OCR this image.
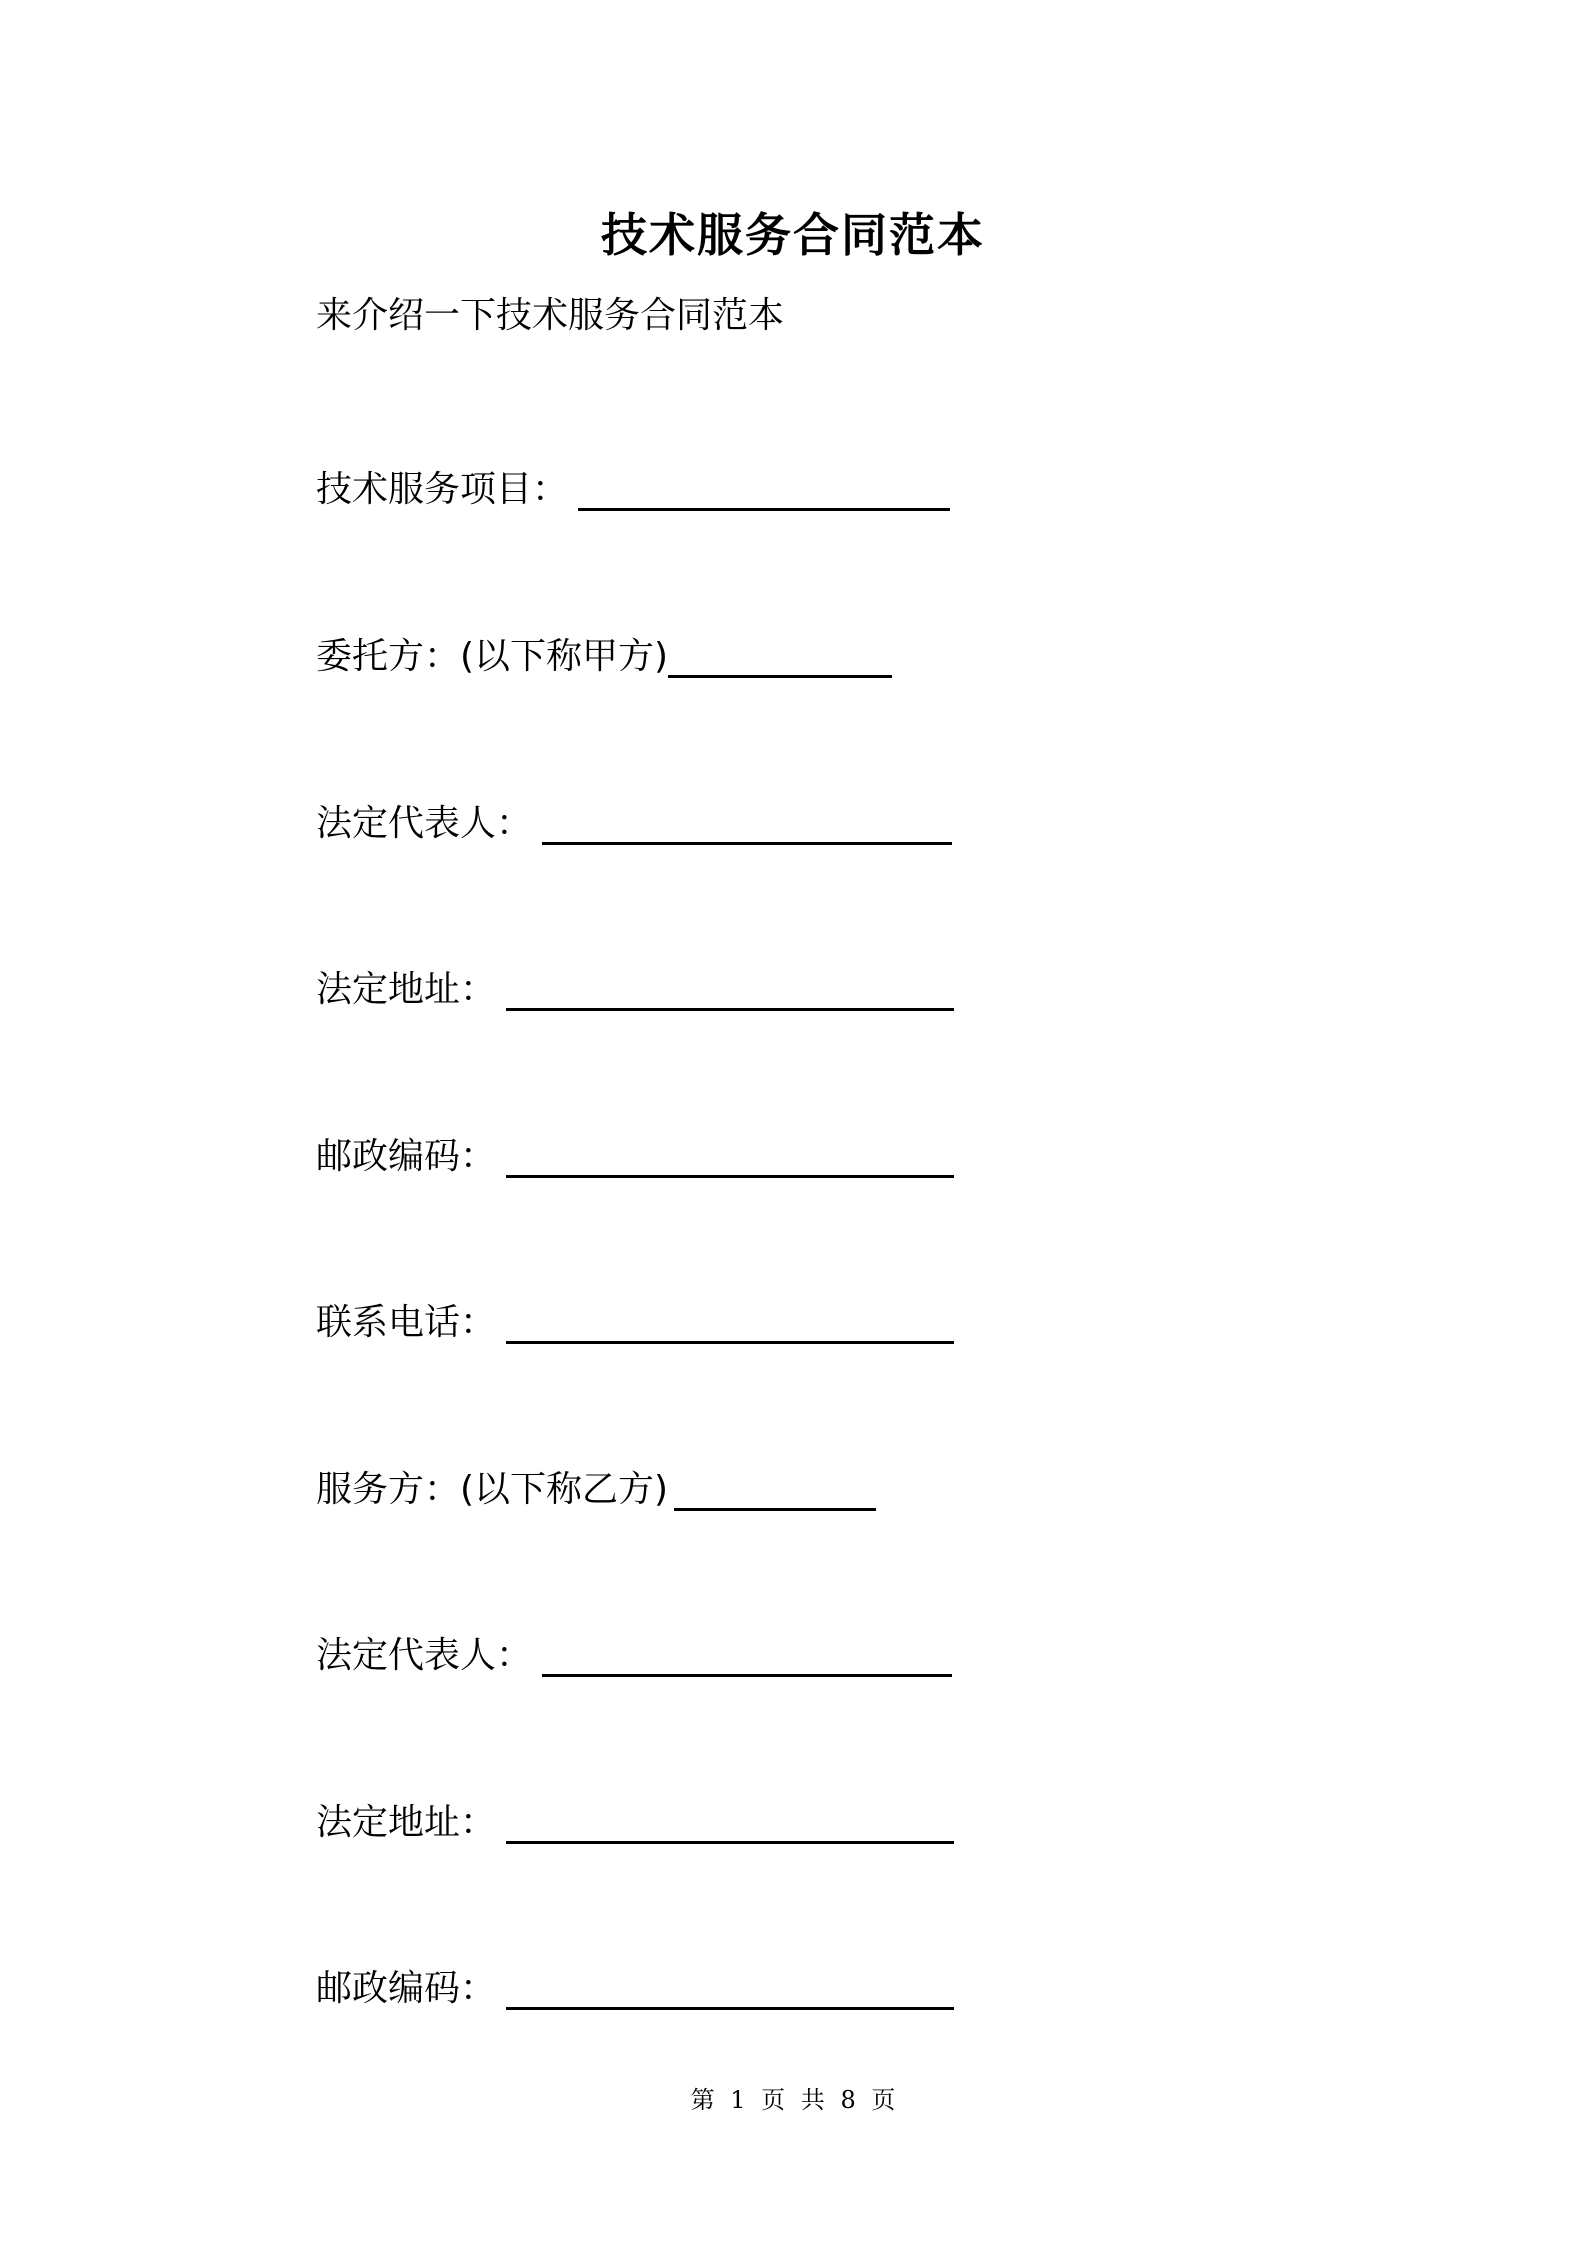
技术服务合同范本
来介绍一下技术服务合同范本
技术服务项目：
委托方：(以下称甲方)
法定代表人：
法定地址：
邮政编码：
联系电话：
服务方：(以下称乙方)
法定代表人：
法定地址：
邮政编码：
第 1 页 共 8 页
